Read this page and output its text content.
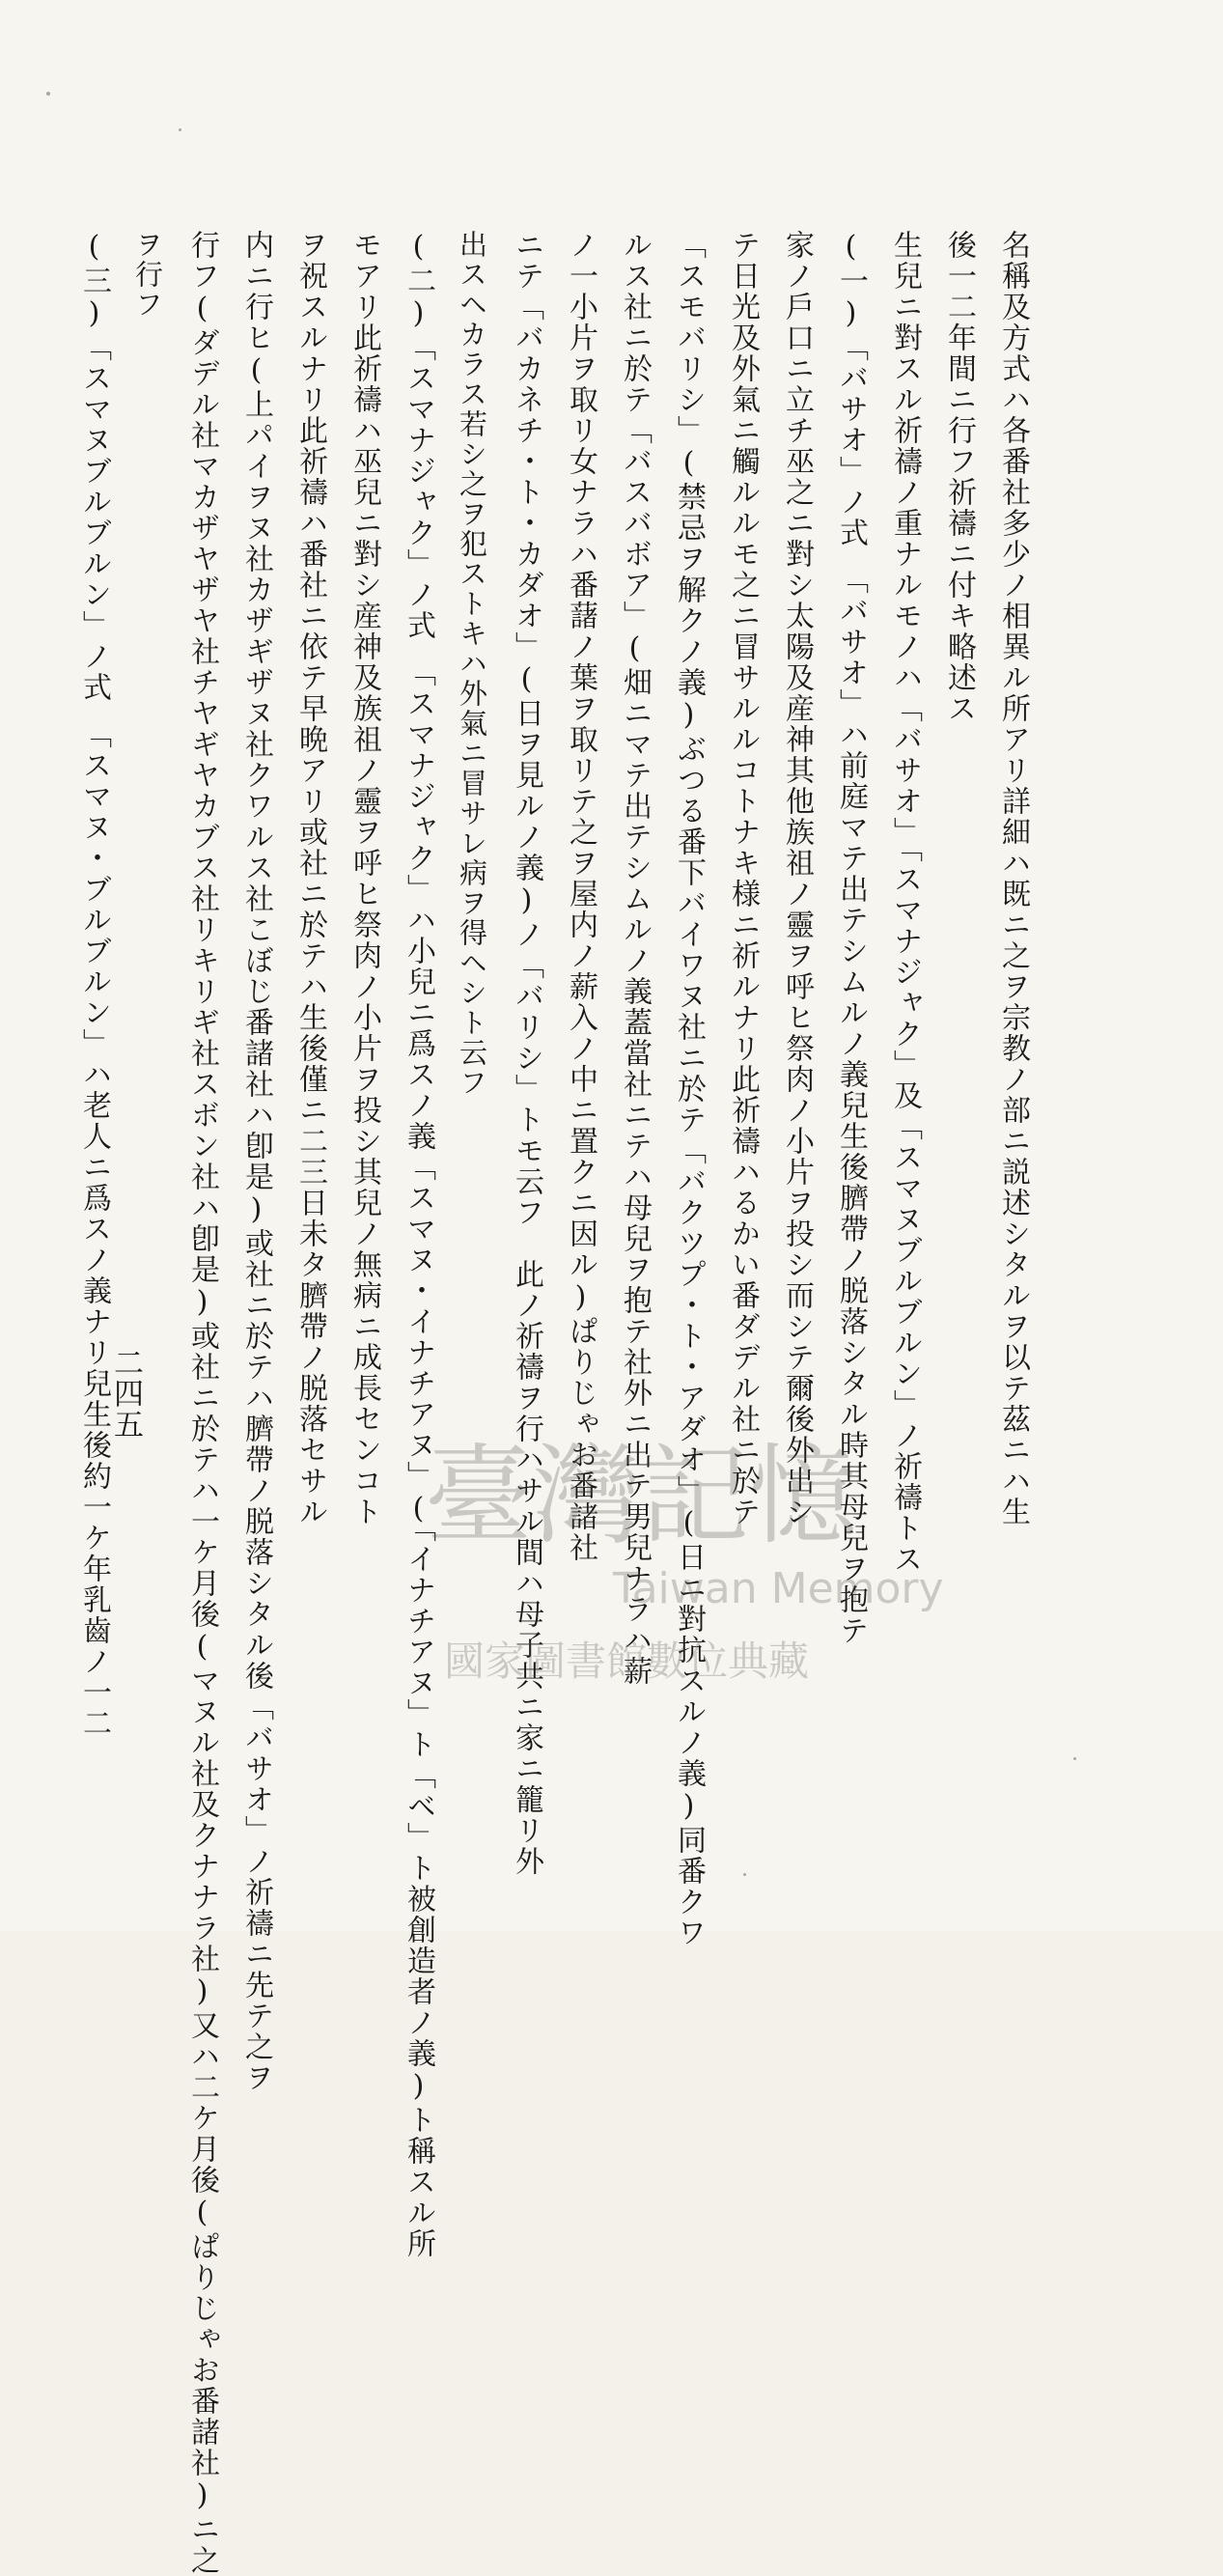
名稱及方式ハ各番社多少ノ相異ル所アリ詳細ハ既ニ之ヲ宗教ノ部ニ説述シタルヲ以テ茲ニハ生
後一二年間ニ行フ祈禱ニ付キ略述ス
生兒ニ對スル祈禱ノ重ナルモノハ「バサオ」「スマナジャク」及「スマヌブルブルン」ノ祈禱トス
(一)「バサオ」ノ式　「バサオ」ハ前庭マテ出テシムルノ義兒生後臍帶ノ脱落シタル時其母兒ヲ抱テ
家ノ戶口ニ立チ巫之ニ對シ太陽及産神其他族祖ノ靈ヲ呼ヒ祭肉ノ小片ヲ投シ而シテ爾後外出シ
テ日光及外氣ニ觸ルルモ之ニ冒サルルコトナキ様ニ祈ルナリ此祈禱ハるかい番ダデル社ニ於テ
「スモバリシ」(禁忌ヲ解クノ義)ぶつる番下バイワヌ社ニ於テ「バクツプ・ト・アダオ」(日ニ對抗スルノ義)同番クワ
ルス社ニ於テ「バスバボア」(畑ニマテ出テシムルノ義蓋當社ニテハ母兒ヲ抱テ社外ニ出テ男兒ナラハ薪
ノ一小片ヲ取リ女ナラハ番藷ノ葉ヲ取リテ之ヲ屋内ノ薪入ノ中ニ置クニ因ル)ぱりじゃお番諸社
ニテ「バカネチ・ト・カダオ」(日ヲ見ルノ義)ノ「バリシ」トモ云フ　此ノ祈禱ヲ行ハサル間ハ母子共ニ家ニ籠リ外
出スヘカラス若シ之ヲ犯ストキハ外氣ニ冒サレ病ヲ得ヘシト云フ
(二)「スマナジャク」ノ式　「スマナジャク」ハ小兒ニ爲スノ義「スマヌ・イナチアヌ」(「イナチアヌ」ト「ベ」ト被創造者ノ義)ト稱スル所
モアリ此祈禱ハ巫兒ニ對シ産神及族祖ノ靈ヲ呼ヒ祭肉ノ小片ヲ投シ其兒ノ無病ニ成長センコト
ヲ祝スルナリ此祈禱ハ番社ニ依テ早晩アリ或社ニ於テハ生後僅ニ二三日未タ臍帶ノ脱落セサル
内ニ行ヒ(上パイヲヌ社カザギザヌ社クワルス社こぼじ番諸社ハ卽是)或社ニ於テハ臍帶ノ脱落シタル後「バサオ」ノ祈禱ニ先テ之ヲ
行フ(ダデル社マカザヤザヤ社チヤギヤカブス社リキリギ社スボン社ハ卽是)或社ニ於テハ一ケ月後(マヌル社及クナナラ社)又ハ二ケ月後(ぱりじゃお番諸社)ニ之
ヲ行フ
(三)「スマヌブルブルン」ノ式　「スマヌ・ブルブルン」ハ老人ニ爲スノ義ナリ兒生後約一ケ年乳齒ノ一二
二四五
臺灣記憶
Taiwan Memory
國家圖書館數位典藏
